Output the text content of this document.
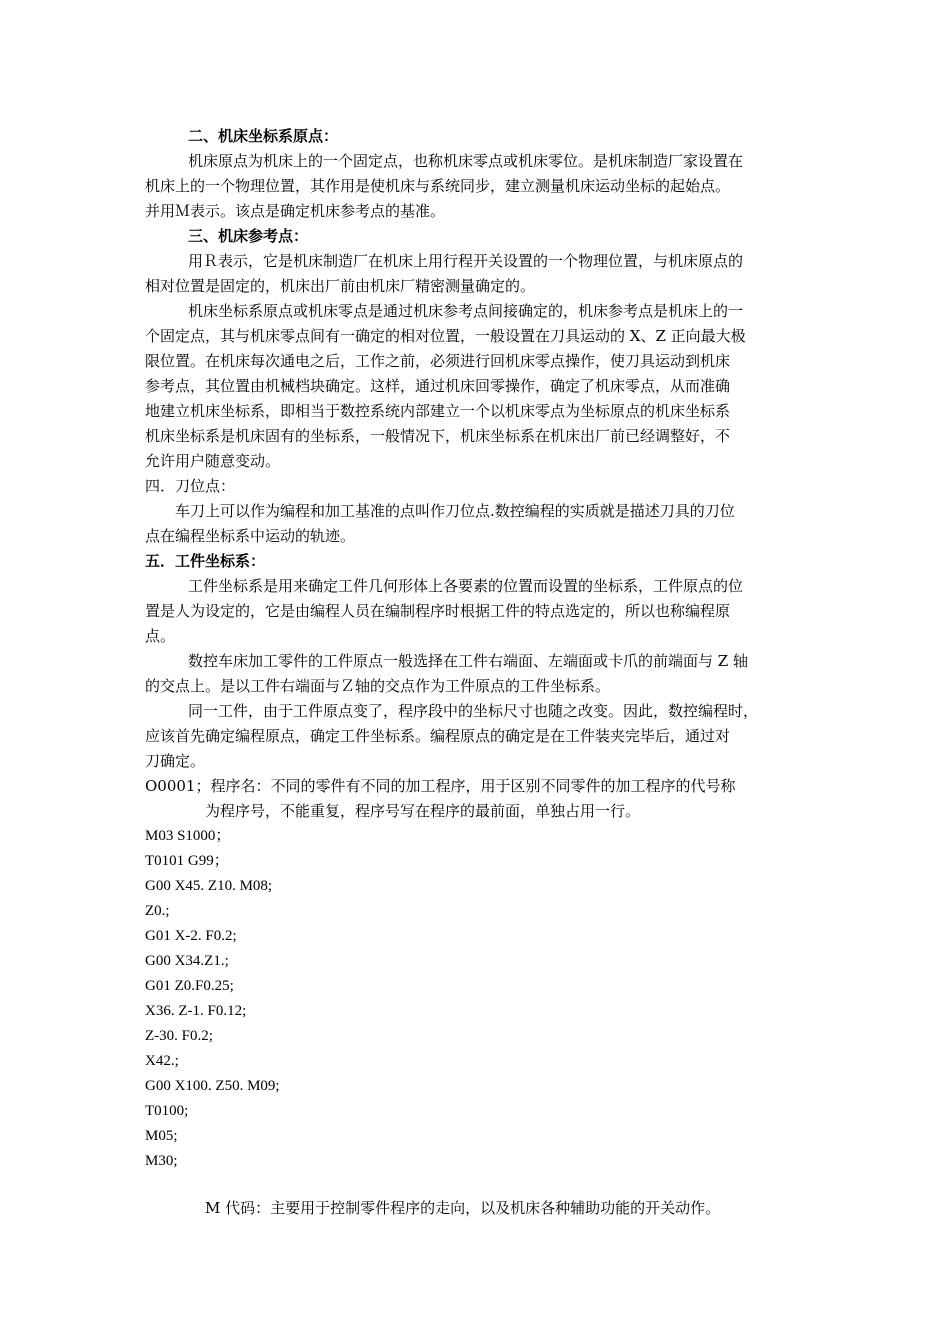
二、机床坐标系原点：
机床原点为机床上的一个固定点，也称机床零点或机床零位。是机床制造厂家设置在
机床上的一个物理位置，其作用是使机床与系统同步，建立测量机床运动坐标的起始点。
并用Ｍ表示。该点是确定机床参考点的基准。
三、机床参考点：
用Ｒ表示，它是机床制造厂在机床上用行程开关设置的一个物理位置，与机床原点的
相对位置是固定的，机床出厂前由机床厂精密测量确定的。
机床坐标系原点或机床零点是通过机床参考点间接确定的，机床参考点是机床上的一
个固定点，其与机床零点间有一确定的相对位置，一般设置在刀具运动的 X、Z 正向最大极
限位置。在机床每次通电之后，工作之前，必须进行回机床零点操作，使刀具运动到机床
参考点，其位置由机械档块确定。这样，通过机床回零操作，确定了机床零点，从而准确
地建立机床坐标系，即相当于数控系统内部建立一个以机床零点为坐标原点的机床坐标系
机床坐标系是机床固有的坐标系，一般情况下，机床坐标系在机床出厂前已经调整好，不
允许用户随意变动。
四．刀位点：
车刀上可以作为编程和加工基准的点叫作刀位点.数控编程的实质就是描述刀具的刀位
点在编程坐标系中运动的轨迹。
五．工件坐标系：
工件坐标系是用来确定工件几何形体上各要素的位置而设置的坐标系，工件原点的位
置是人为设定的，它是由编程人员在编制程序时根据工件的特点选定的，所以也称编程原
点。
数控车床加工零件的工件原点一般选择在工件右端面、左端面或卡爪的前端面与 Z 轴
的交点上。是以工件右端面与Ｚ轴的交点作为工件原点的工件坐标系。
同一工件，由于工件原点变了，程序段中的坐标尺寸也随之改变。因此，数控编程时，
应该首先确定编程原点，确定工件坐标系。编程原点的确定是在工件装夹完毕后，通过对
刀确定。
O0001；程序名：不同的零件有不同的加工程序，用于区别不同零件的加工程序的代号称
为程序号，不能重复，程序号写在程序的最前面，单独占用一行。
M03 S1000；
T0101 G99；
G00 X45. Z10. M08;
Z0.;
G01 X-2. F0.2;
G00 X34.Z1.;
G01 Z0.F0.25;
X36. Z-1. F0.12;
Z-30. F0.2;
X42.;
G00 X100. Z50. M09;
T0100;
M05;
M30;
M 代码：主要用于控制零件程序的走向，以及机床各种辅助功能的开关动作。
